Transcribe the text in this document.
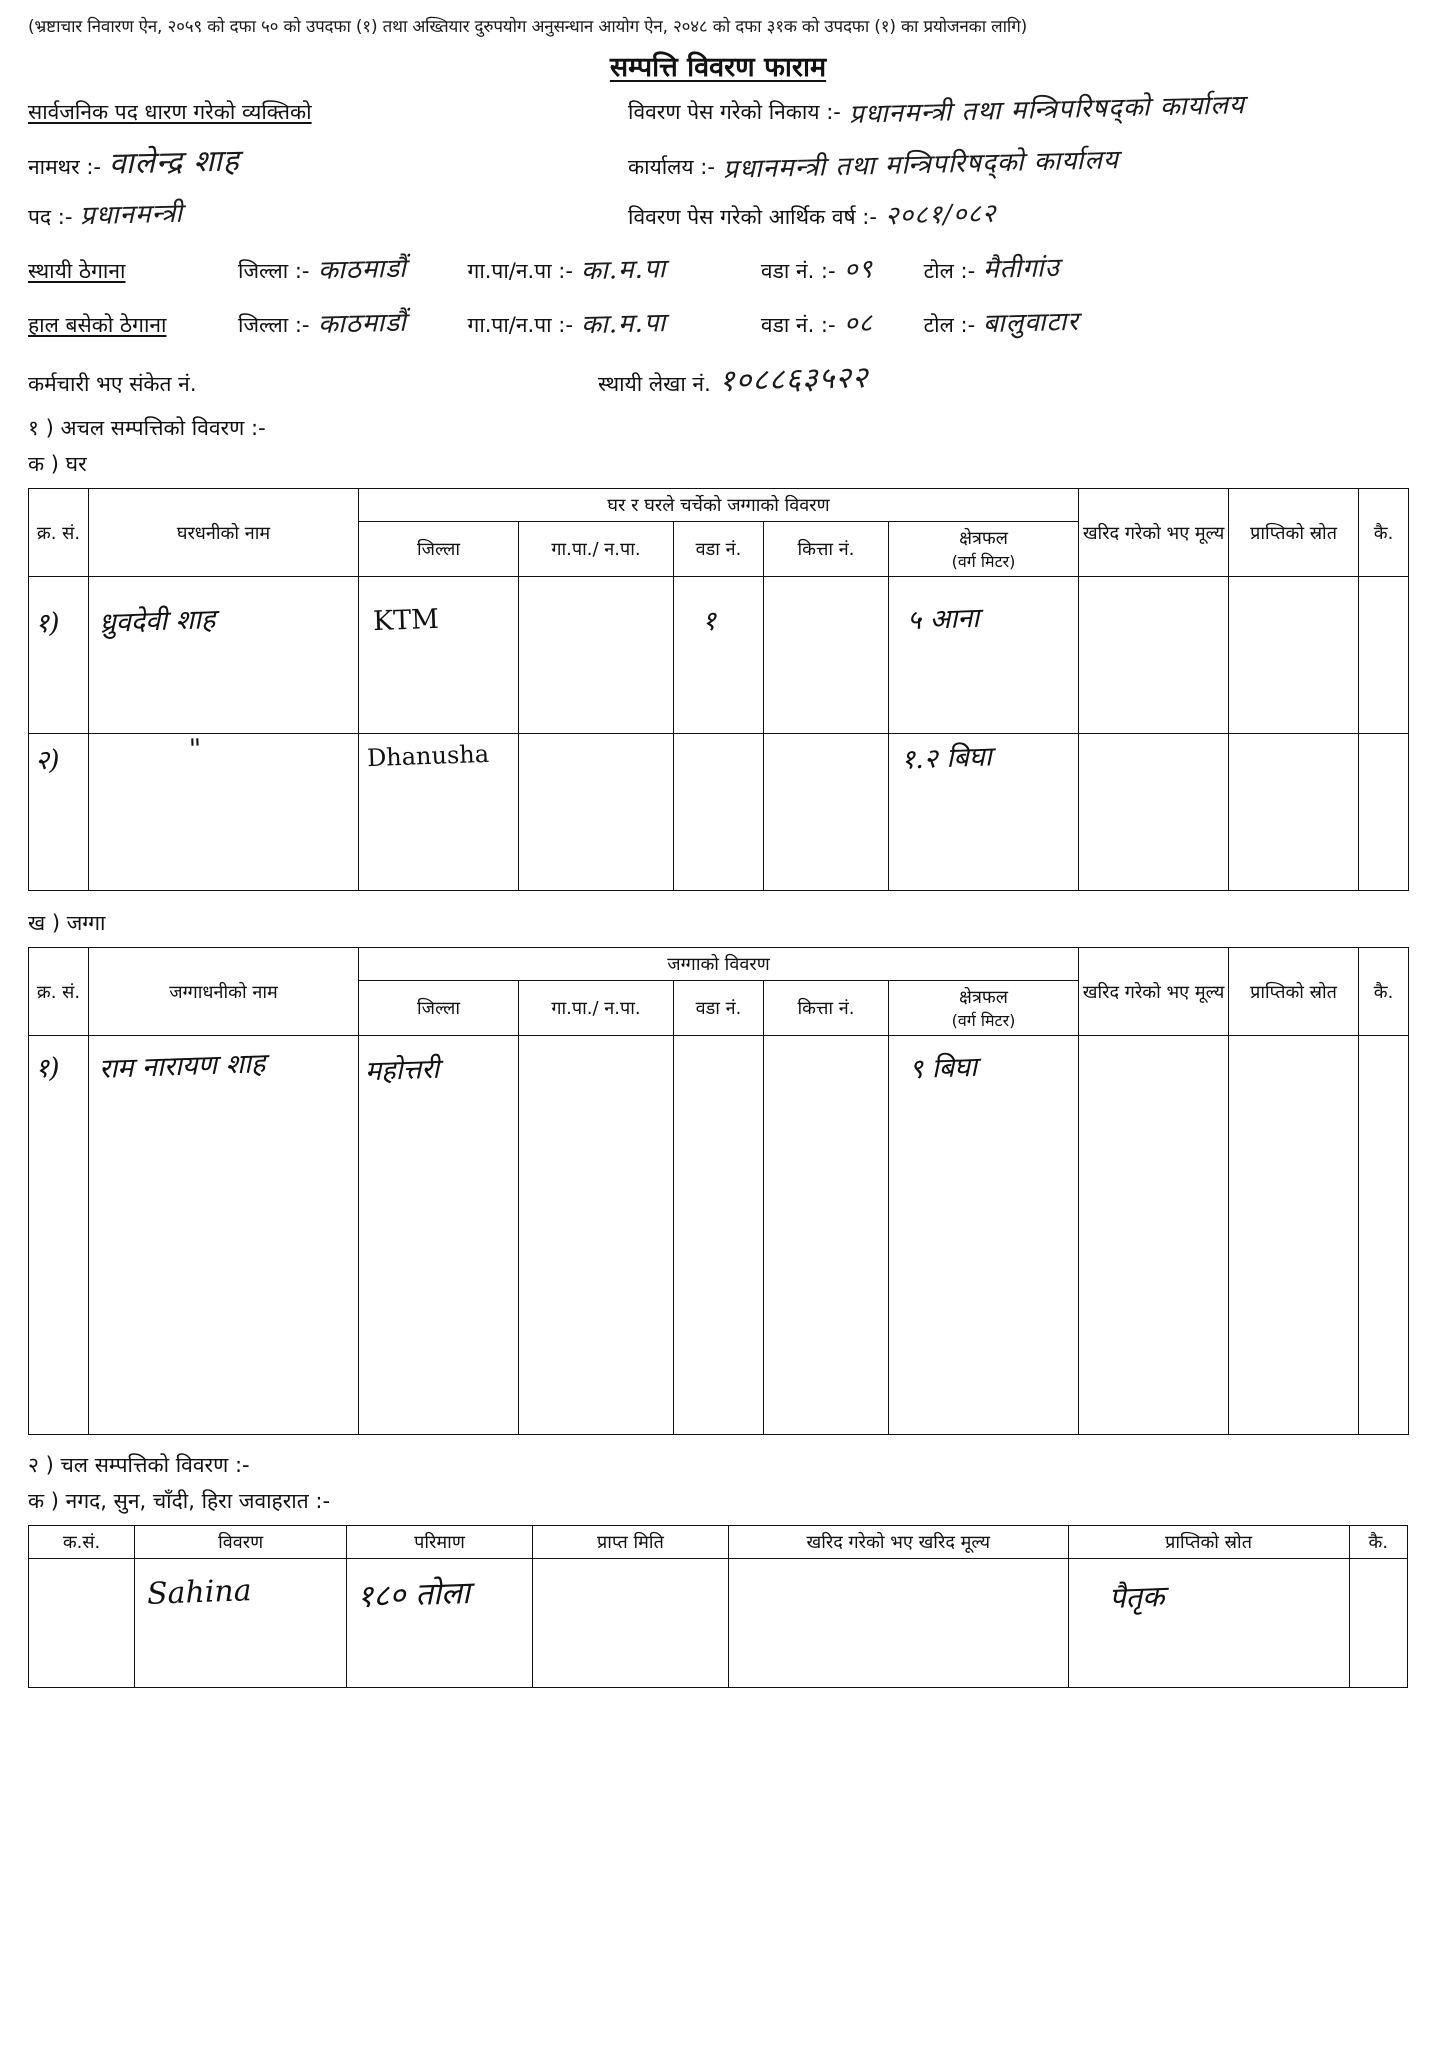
(भ्रष्टाचार निवारण ऐन, २०५९ को दफा ५० को उपदफा (१) तथा अख्तियार दुरुपयोग अनुसन्धान आयोग ऐन, २०४८ को दफा ३१क को उपदफा (१) का प्रयोजनका लागि)
सम्पत्ति विवरण फाराम
सार्वजनिक पद धारण गरेको व्यक्तिको	विवरण पेस गरेको निकाय :- प्रधानमन्त्री तथा मन्त्रिपरिषद्को कार्यालय
नामथर :- वालेन्द्र शाह	कार्यालय :- प्रधानमन्त्री तथा मन्त्रिपरिषद्को कार्यालय
पद :- प्रधानमन्त्री	विवरण पेस गरेको आर्थिक वर्ष :- २०८१/०८२
स्थायी ठेगाना	जिल्ला :- काठमाडौं	गा.पा/न.पा :- का.म.पा	वडा नं. :- ०९	टोल :- मैतीगांउ
हाल बसेको ठेगाना	जिल्ला :- काठमाडौं	गा.पा/न.पा :- का.म.पा	वडा नं. :- ०८	टोल :- बालुवाटार
कर्मचारी भए संकेत नं.	स्थायी लेखा नं. १०८८६३५२२
१ ) अचल सम्पत्तिको विवरण :-
क ) घर
क्र. सं.	घरधनीको नाम	घर र घरले चर्चेको जग्गाको विवरण					खरिद गरेको भए मूल्य	प्राप्तिको स्रोत	कै.
		जिल्ला	गा.पा./ न.पा.	वडा नं.	कित्ता नं.	क्षेत्रफल
(वर्ग मिटर)			

१)	ध्रुवदेवी शाह	KTM		१		५ आना			

२)	"	Dhanusha				१.२ बिघा			

ख ) जग्गा
क्र. सं.	जग्गाधनीको नाम	जग्गाको विवरण					खरिद गरेको भए मूल्य	प्राप्तिको स्रोत	कै.
		जिल्ला	गा.पा./ न.पा.	वडा नं.	कित्ता नं.	क्षेत्रफल
(वर्ग मिटर)			

१)	राम नारायण शाह	महोत्तरी				९ बिघा			

२ ) चल सम्पत्तिको विवरण :-
क ) नगद, सुन, चाँदी, हिरा जवाहरात :-
क.सं.	विवरण	परिमाण	प्राप्त मिति	खरिद गरेको भए खरिद मूल्य	प्राप्तिको स्रोत	कै.

	Sahina	१८० तोला			पैतृक	
